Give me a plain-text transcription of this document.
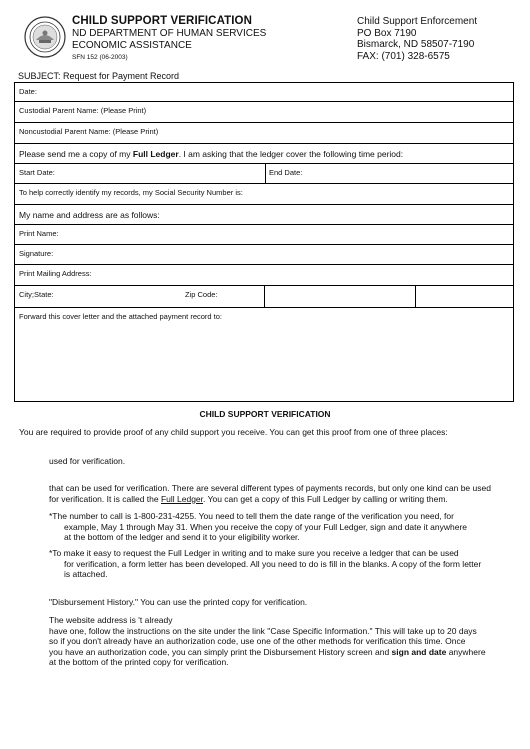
CHILD SUPPORT VERIFICATION
ND DEPARTMENT OF HUMAN SERVICES
ECONOMIC ASSISTANCE
SFN 152 (06-2003)
Child Support Enforcement
PO Box 7190
Bismarck, ND 58507-7190
FAX: (701) 328-6575
SUBJECT: Request for Payment Record
Date:
Custodial Parent Name: (Please Print)
Noncustodial Parent Name: (Please Print)
Please send me a copy of my Full Ledger. I am asking that the ledger cover the following time period:
Start Date:	End Date:
To help correctly identify my records, my Social Security Number is:
My name and address are as follows:
Print Name:
Signature:
Print Mailing Address:
City;State:	Zip Code:
Forward this cover letter and the attached payment record to:
CHILD SUPPORT VERIFICATION
You are required to provide proof of any child support you receive. You can get this proof from one of three places:
used for verification.
that can be used for verification. There are several different types of payments records, but only one kind can be used
for verification. It is called the Full Ledger. You can get a copy of this Full Ledger by calling or writing them.
*The number to call is 1-800-231-4255. You need to tell them the date range of the verification you need, for
example, May 1 through May 31. When you receive the copy of your Full Ledger, sign and date it anywhere
at the bottom of the ledger and send it to your eligibility worker.
*To make it easy to request the Full Ledger in writing and to make sure you receive a ledger that can be used
for verification, a form letter has been developed. All you need to do is fill in the blanks. A copy of the form letter
is attached.
"Disbursement History." You can use the printed copy for verification.
The website address is 't already
have one, follow the instructions on the site under the link "Case Specific Information." This will take up to 20 days
so if you don't already have an authorization code, use one of the other methods for verification this time. Once
you have an authorization code, you can simply print the Disbursement History screen and sign and date anywhere
at the bottom of the printed copy for verification.
